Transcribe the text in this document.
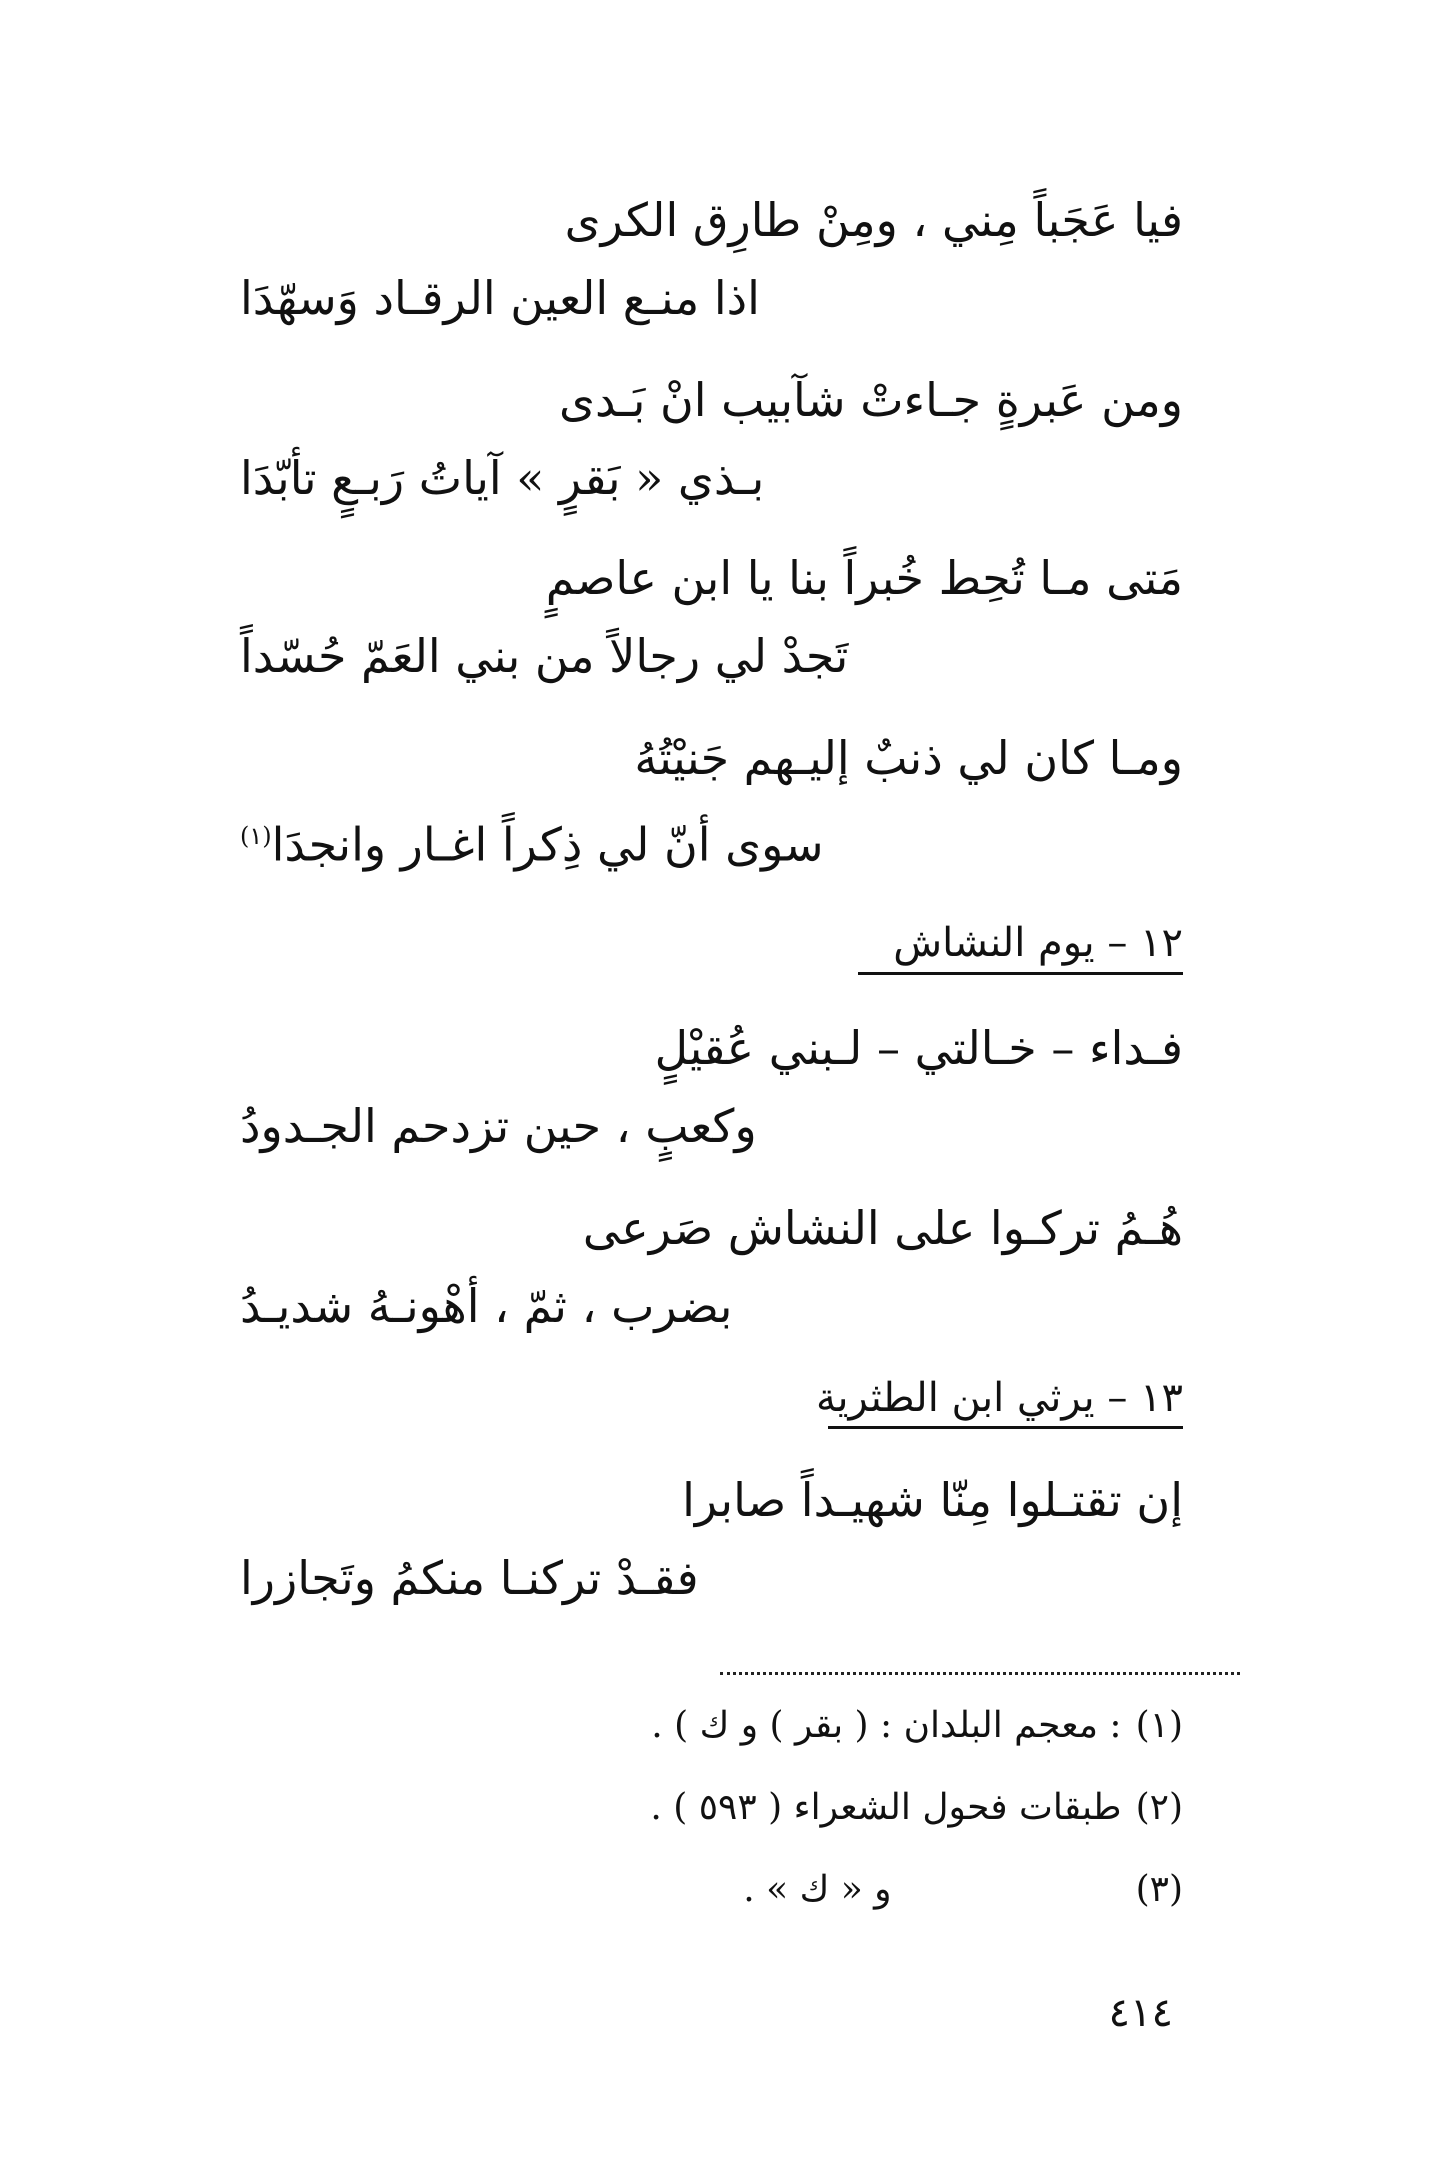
فيا عَجَباً مِني ، ومِنْ طارِق الكرى
اذا منـع العين الرقـاد وَسهّدَا
ومن عَبرةٍ جـاءتْ شآبيب انْ بَـدى
بـذي « بَقرٍ » آياتُ رَبـعٍ تأبّدَا
مَتى مـا تُحِط خُبراً بنا يا ابن عاصمٍ
تَجدْ لي رجالاً من بني العَمّ حُسّداً
ومـا كان لي ذنبٌ إليـهم جَنيْتُهُ
سوى أنّ لي ذِكراً اغـار وانجدَا$^{(١)}$
١٢ – يوم النشاش
فـداء – خـالتي – لـبني عُقيْلٍ
وكعبٍ ، حين تزدحم الجـدودُ
هُـمُ تركـوا على النشاش صَرعى
بضرب ، ثمّ ، أهْونـهُ شديـدُ
١٣ – يرثي ابن الطثرية
إن تقتـلوا مِنّا شهيـداً صابرا
فقـدْ تركنـا منكمُ وتَجازرا
(١): معجم البلدان : ( بقر ) و ك ) .
(٢)طبقات فحول الشعراء ( ٥٩٣ ) .
(٣)و « ك » .
٤١٤
